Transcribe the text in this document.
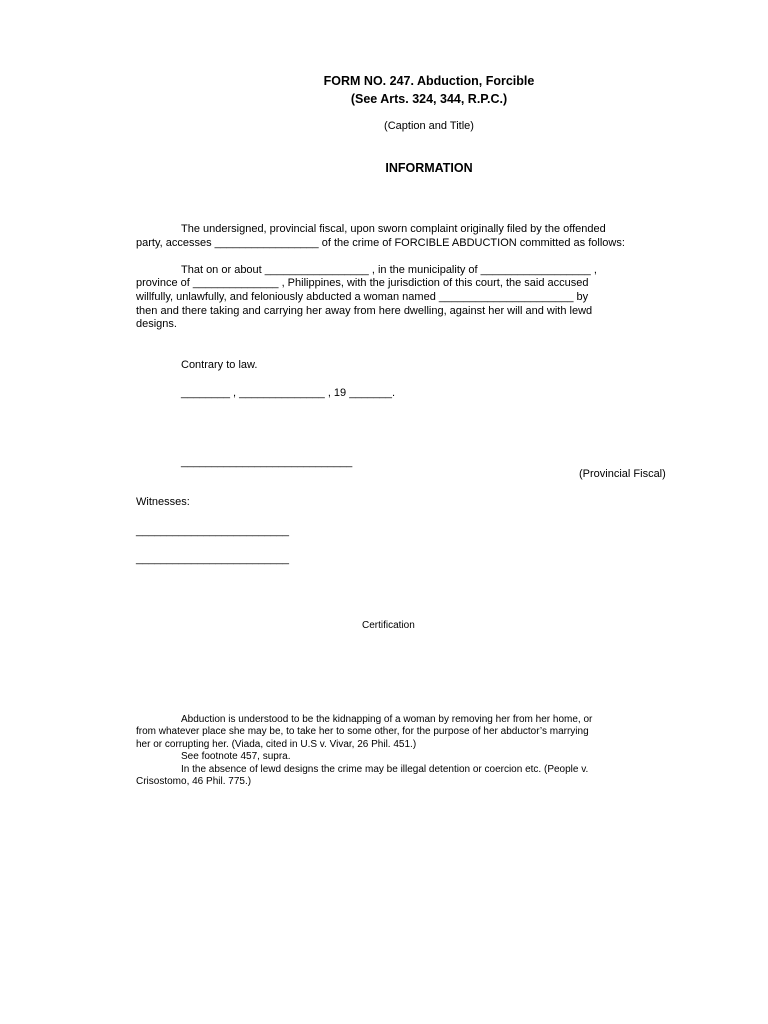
FORM NO. 247. Abduction, Forcible

(See Arts. 324, 344, R.P.C.)

(Caption and Title)

INFORMATION

The undersigned, provincial fiscal, upon sworn complaint originally filed by the offended

party, accesses _________________ of the crime of FORCIBLE ABDUCTION committed as follows:

That on or about _________________ , in the municipality of __________________ ,

province of ______________ , Philippines, with the jurisdiction of this court, the said accused

willfully, unlawfully, and feloniously abducted a woman named ______________________ by

then and there taking and carrying her away from here dwelling, against her will and with lewd

designs.

Contrary to law.

________ , ______________ , 19 _______.

____________________________

(Provincial Fiscal)

Witnesses:

_________________________

_________________________

Certification

Abduction is understood to be the kidnapping of a woman by removing her from her home, or

from whatever place she may be, to take her to some other, for the purpose of her abductor’s marrying

her or corrupting her. (Viada, cited in U.S v. Vivar, 26 Phil. 451.)

See footnote 457, supra.

In the absence of lewd designs the crime may be illegal detention or coercion etc. (People v.

Crisostomo, 46 Phil. 775.)
